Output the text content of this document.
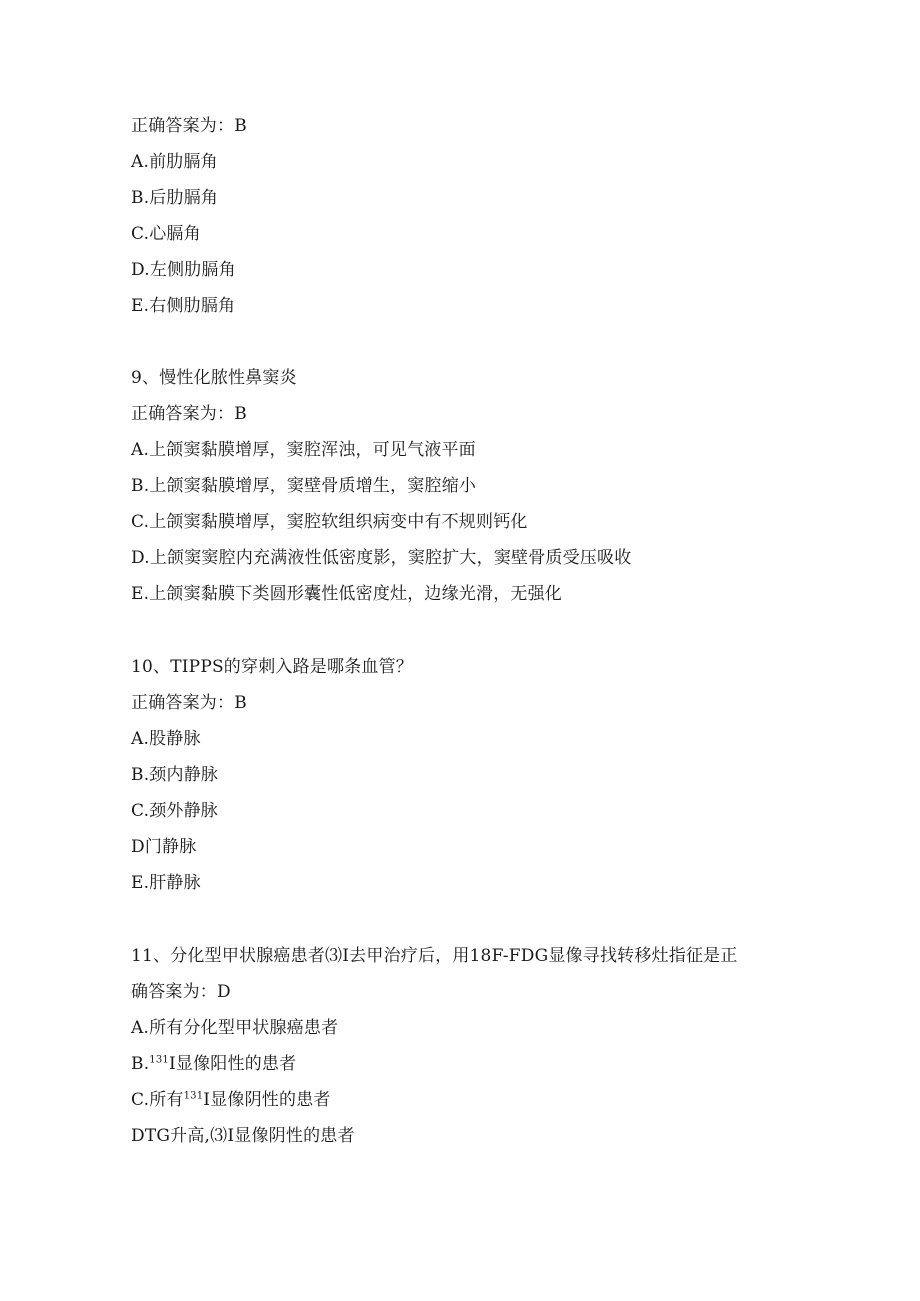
正确答案为：B
A.前肋膈角
B.后肋膈角
C.心膈角
D.左侧肋膈角
E.右侧肋膈角
9、慢性化脓性鼻窦炎
正确答案为：B
A.上颌窦黏膜增厚，窦腔浑浊，可见气液平面
B.上颌窦黏膜增厚，窦壁骨质增生，窦腔缩小
C.上颌窦黏膜增厚，窦腔软组织病变中有不规则钙化
D.上颌窦窦腔内充满液性低密度影，窦腔扩大，窦壁骨质受压吸收
E.上颌窦黏膜下类圆形囊性低密度灶，边缘光滑，无强化
10、TIPPS的穿刺入路是哪条血管？
正确答案为：B
A.股静脉
B.颈内静脉
C.颈外静脉
D门静脉
E.肝静脉
11、分化型甲状腺癌患者⑶I去甲治疗后，用18F-FDG显像寻找转移灶指征是正
确答案为：D
A.所有分化型甲状腺癌患者
B.$^{131}$I显像阳性的患者
C.所有$^{131}$I显像阴性的患者
DTG升高,⑶I显像阴性的患者
